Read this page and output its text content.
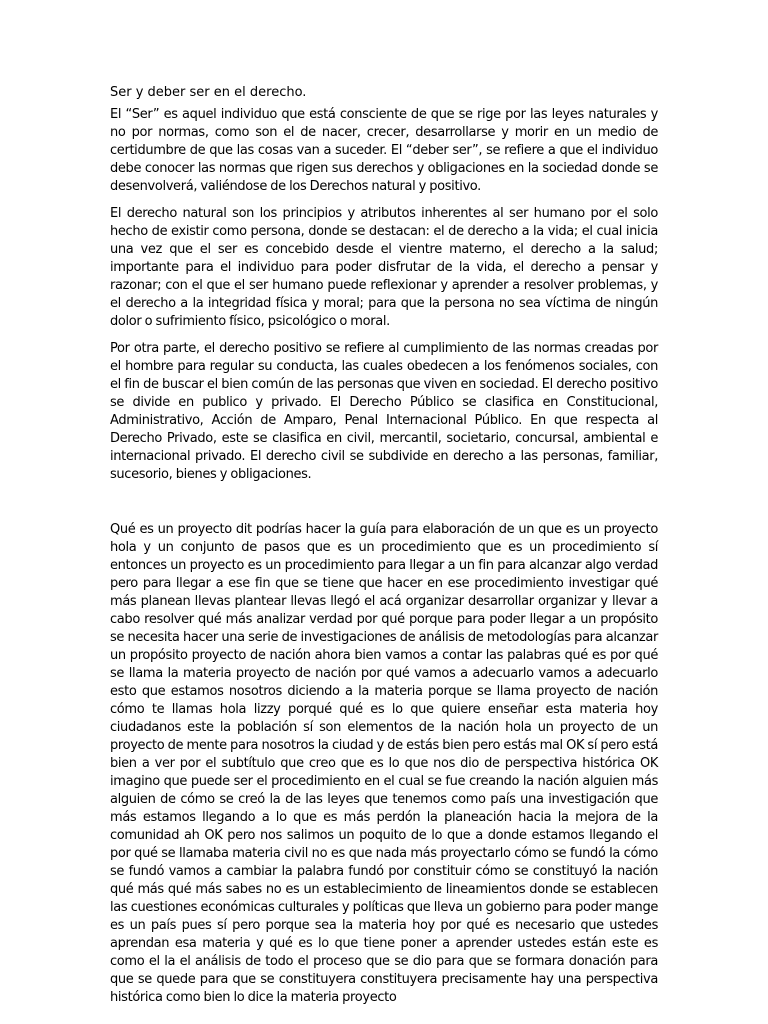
Ser y deber ser en el derecho.

El “Ser” es aquel individuo que está consciente de que se rige por las leyes naturales y no por normas, como son el de nacer, crecer, desarrollarse y morir en un medio de certidumbre de que las cosas van a suceder. El “deber ser”, se refiere a que el individuo debe conocer las normas que rigen sus derechos y obligaciones en la sociedad donde se desenvolverá, valiéndose de los Derechos natural y positivo.

El derecho natural son los principios y atributos inherentes al ser humano por el solo hecho de existir como persona, donde se destacan: el de derecho a la vida; el cual inicia una vez que el ser es concebido desde el vientre materno, el derecho a la salud; importante para el individuo para poder disfrutar de la vida, el derecho a pensar y razonar; con el que el ser humano puede reflexionar y aprender a resolver problemas, y el derecho a la integridad física y moral; para que la persona no sea víctima de ningún dolor o sufrimiento físico, psicológico o moral.

Por otra parte, el derecho positivo se refiere al cumplimiento de las normas creadas por el hombre para regular su conducta, las cuales obedecen a los fenómenos sociales, con el fin de buscar el bien común de las personas que viven en sociedad. El derecho positivo se divide en publico y privado. El Derecho Público se clasifica en Constitucional, Administrativo, Acción de Amparo, Penal Internacional Público. En que respecta al Derecho Privado, este se clasifica en civil, mercantil, societario, concursal, ambiental e internacional privado. El derecho civil se subdivide en derecho a las personas, familiar, sucesorio, bienes y obligaciones.

Qué es un proyecto dit podrías hacer la guía para elaboración de un que es un proyecto hola y un conjunto de pasos que es un procedimiento que es un procedimiento sí entonces un proyecto es un procedimiento para llegar a un fin para alcanzar algo verdad pero para llegar a ese fin que se tiene que hacer en ese procedimiento investigar qué más planean llevas plantear llevas llegó el acá organizar desarrollar organizar y llevar a cabo resolver qué más analizar verdad por qué porque para poder llegar a un propósito se necesita hacer una serie de investigaciones de análisis de metodologías para alcanzar un propósito proyecto de nación ahora bien vamos a contar las palabras qué es por qué se llama la materia proyecto de nación por qué vamos a adecuarlo vamos a adecuarlo esto que estamos nosotros diciendo a la materia porque se llama proyecto de nación cómo te llamas hola lizzy porqué qué es lo que quiere enseñar esta materia hoy ciudadanos este la población sí son elementos de la nación hola un proyecto de un proyecto de mente para nosotros la ciudad y de estás bien pero estás mal OK sí pero está bien a ver por el subtítulo que creo que es lo que nos dio de perspectiva histórica OK imagino que puede ser el procedimiento en el cual se fue creando la nación alguien más alguien de cómo se creó la de las leyes que tenemos como país una investigación que más estamos llegando a lo que es más perdón la planeación hacia la mejora de la comunidad ah OK pero nos salimos un poquito de lo que a donde estamos llegando el por qué se llamaba materia civil no es que nada más proyectarlo cómo se fundó la cómo se fundó vamos a cambiar la palabra fundó por constituir cómo se constituyó la nación qué más qué más sabes no es un establecimiento de lineamientos donde se establecen las cuestiones económicas culturales y políticas que lleva un gobierno para poder mange es un país pues sí pero porque sea la materia hoy por qué es necesario que ustedes aprendan esa materia y qué es lo que tiene poner a aprender ustedes están este es como el la el análisis de todo el proceso que se dio para que se formara donación para que se quede para que se constituyera constituyera precisamente hay una perspectiva histórica como bien lo dice la materia proyecto
